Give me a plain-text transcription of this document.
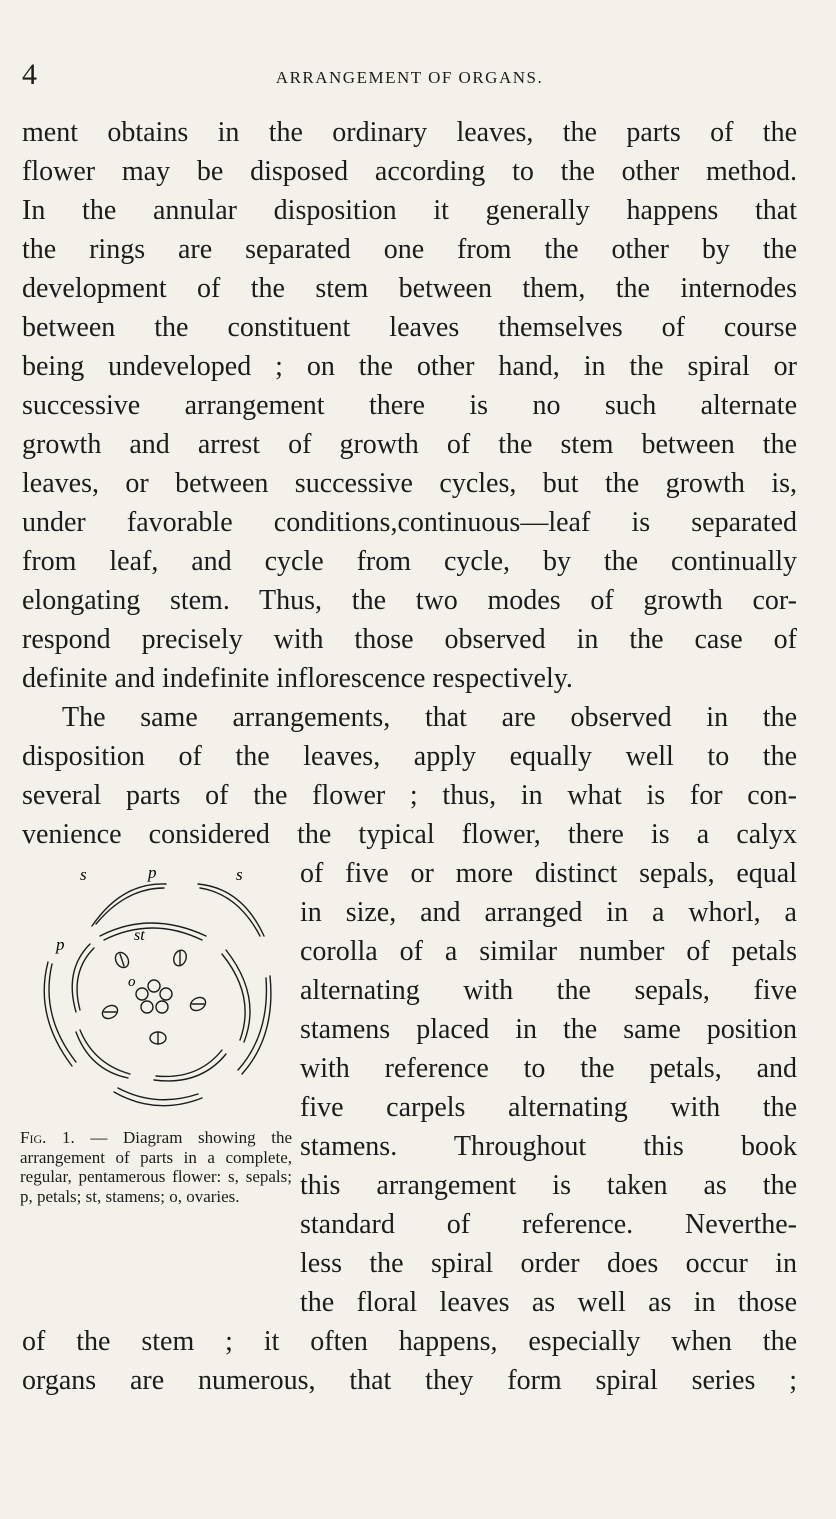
4	ARRANGEMENT OF ORGANS.
ment obtains in the ordinary leaves, the parts of the
flower may be disposed according to the other method.
In the annular disposition it generally happens that
the rings are separated one from the other by the
development of the stem between them, the internodes
between the constituent leaves themselves of course
being undeveloped ; on the other hand, in the spiral or
successive arrangement there is no such alternate
growth and arrest of growth of the stem between the
leaves, or between successive cycles, but the growth is,
under favorable conditions,continuous—leaf is separated
from leaf, and cycle from cycle, by the continually
elongating stem. Thus, the two modes of growth cor-
respond precisely with those observed in the case of
definite and indefinite inflorescence respectively.
The same arrangements, that are observed in the
disposition of the leaves, apply equally well to the
several parts of the flower ; thus, in what is for con-
venience considered the typical flower, there is a calyx
of five or more distinct sepals, equal
in size, and arranged in a whorl, a
corolla of a similar number of petals
alternating with the sepals, five
stamens placed in the same position
with reference to the petals, and
five carpels alternating with the
stamens. Throughout this book
this arrangement is taken as the
standard of reference. Neverthe-
less the spiral order does occur in
the floral leaves as well as in those
of the stem ; it often happens, especially when the
organs are numerous, that they form spiral series ;
s	p	s
p	st
o
Fig. 1. — Diagram showing the arrangement of parts in a complete, regular, pentamerous flower: s, sepals; p, petals; st, stamens; o, ovaries.
